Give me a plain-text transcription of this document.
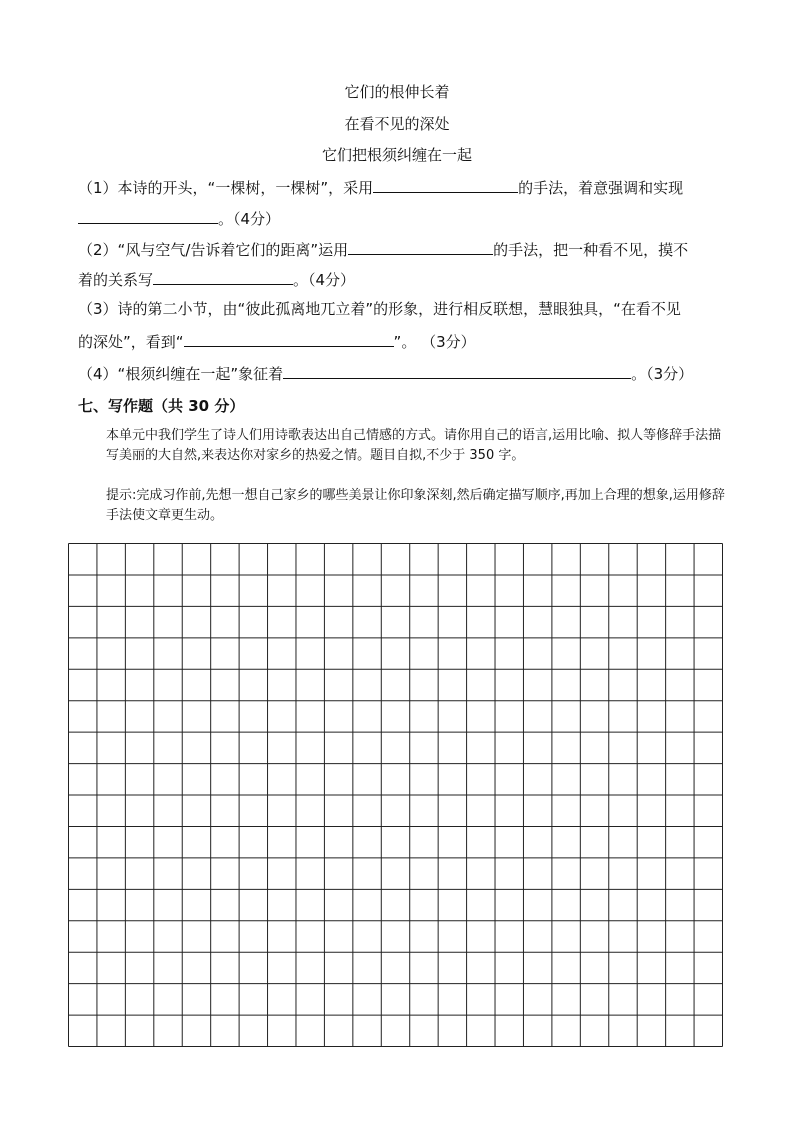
它们的根伸长着
在看不见的深处
它们把根须纠缠在一起
（1）本诗的开头，“一棵树，一棵树”，采用	的手法，着意强调和实现
。（4分）
（2）“风与空气/告诉着它们的距离”运用	的手法，把一种看不见，摸不
着的关系写	。（4分）
（3）诗的第二小节，由“彼此孤离地兀立着”的形象，进行相反联想，慧眼独具，“在看不见
的深处”，看到“	”。 （3分）
（4）“根须纠缠在一起”象征着	。（3分）
七、写作题（共 30 分）
本单元中我们学生了诗人们用诗歌表达出自己情感的方式。请你用自己的语言,运用比喻、拟人等修辞手法描写美丽的大自然,来表达你对家乡的热爱之情。题目自拟,不少于 350 字。
提示:完成习作前,先想一想自己家乡的哪些美景让你印象深刻,然后确定描写顺序,再加上合理的想象,运用修辞手法使文章更生动。
